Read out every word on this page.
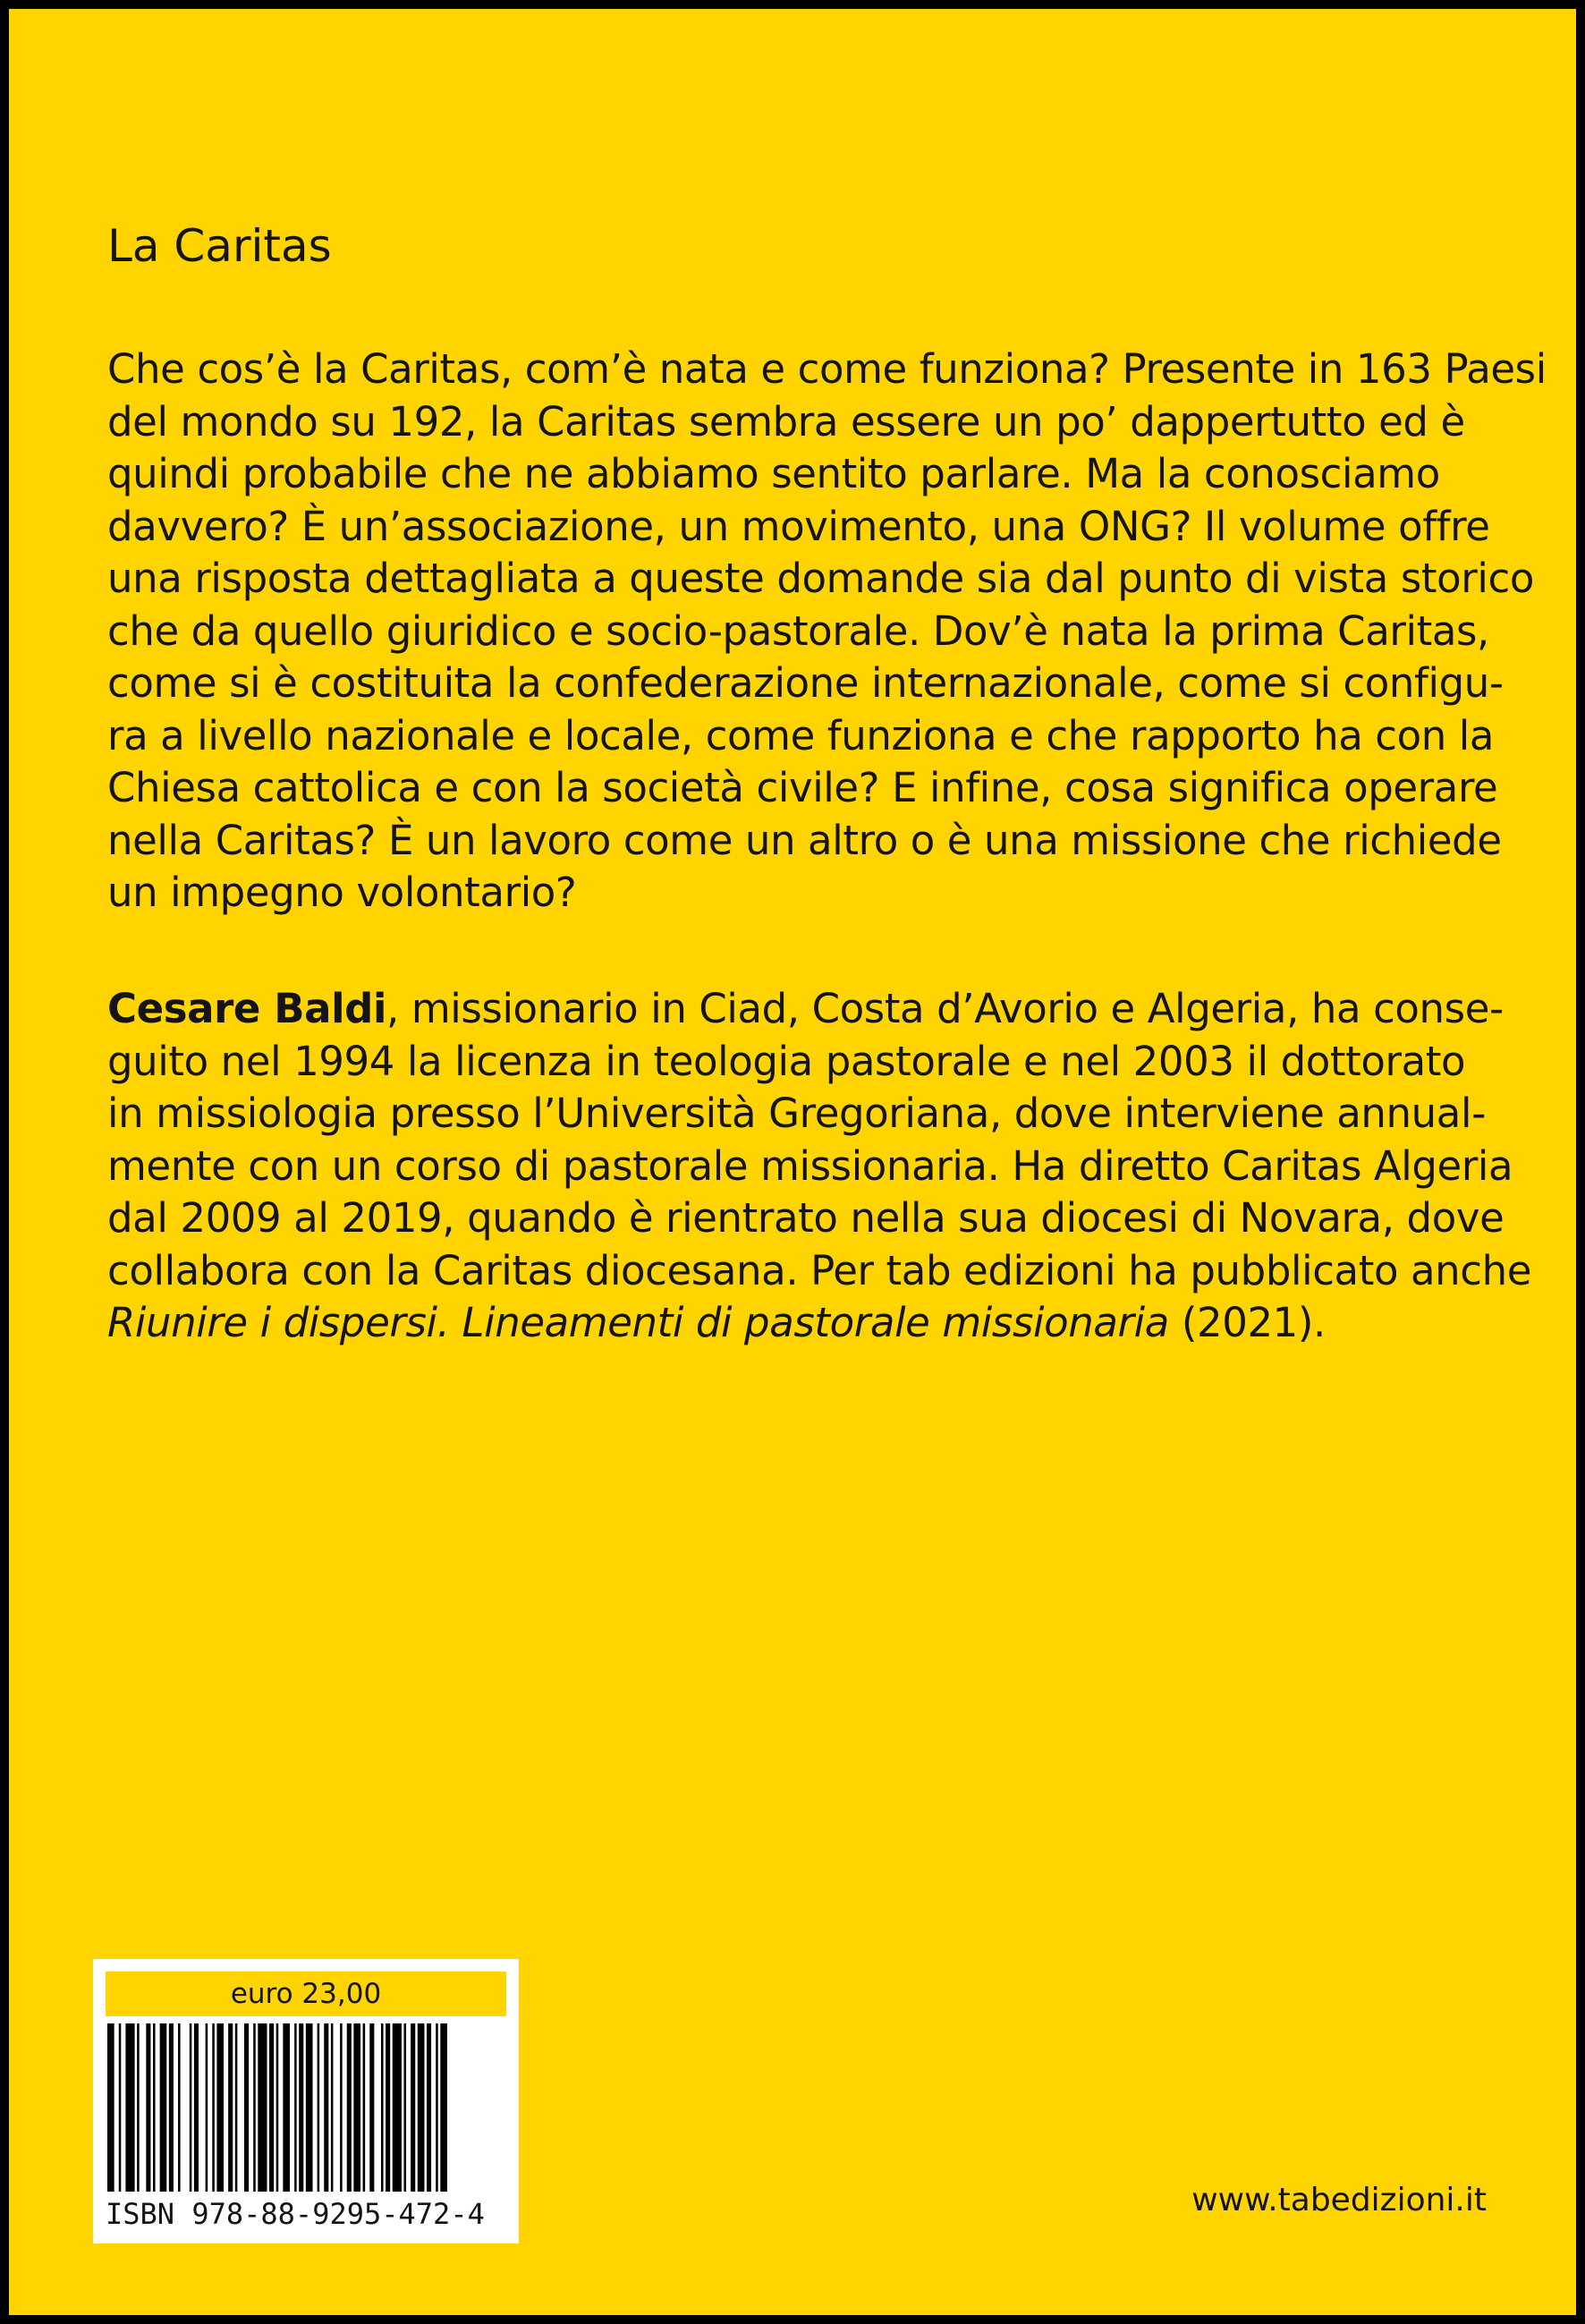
La Caritas
Che cos’è la Caritas, com’è nata e come funziona? Presente in 163 Paesi
del mondo su 192, la Caritas sembra essere un po’ dappertutto ed è
quindi probabile che ne abbiamo sentito parlare. Ma la conosciamo
davvero? È un’associazione, un movimento, una ONG? Il volume offre
una risposta dettagliata a queste domande sia dal punto di vista storico
che da quello giuridico e socio-pastorale. Dov’è nata la prima Caritas,
come si è costituita la confederazione internazionale, come si configu-
ra a livello nazionale e locale, come funziona e che rapporto ha con la
Chiesa cattolica e con la società civile? E infine, cosa significa operare
nella Caritas? È un lavoro come un altro o è una missione che richiede
un impegno volontario?
Cesare Baldi, missionario in Ciad, Costa d’Avorio e Algeria, ha conse-
guito nel 1994 la licenza in teologia pastorale e nel 2003 il dottorato
in missiologia presso l’Università Gregoriana, dove interviene annual-
mente con un corso di pastorale missionaria. Ha diretto Caritas Algeria
dal 2009 al 2019, quando è rientrato nella sua diocesi di Novara, dove
collabora con la Caritas diocesana. Per tab edizioni ha pubblicato anche
Riunire i dispersi. Lineamenti di pastorale missionaria (2021).
euro 23,00
ISBN 978-88-9295-472-4	www.tabedizioni.it
